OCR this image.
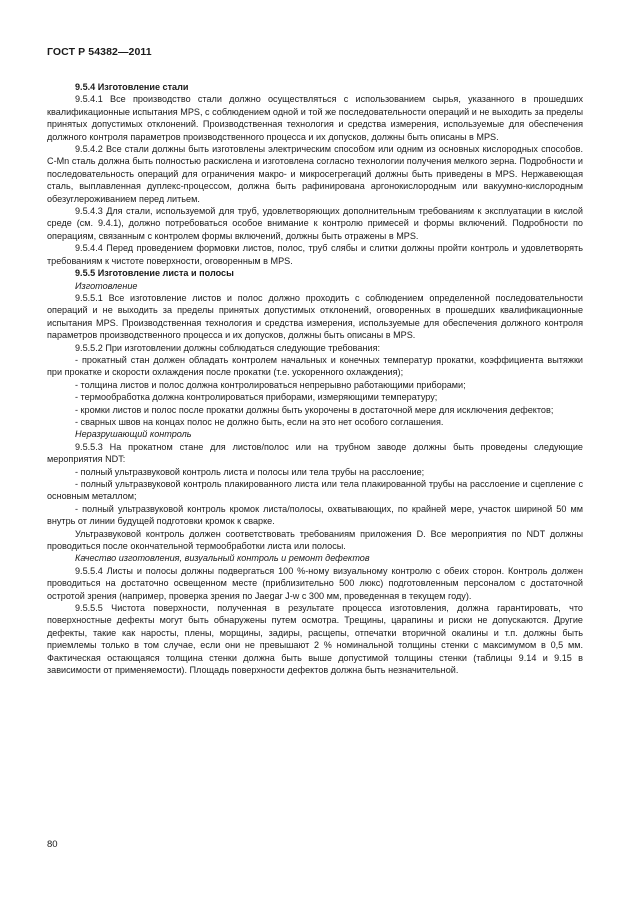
ГОСТ Р 54382—2011

9.5.4 Изготовление стали

9.5.4.1 Все производство стали должно осуществляться с использованием сырья, указанного в прошедших квалификационные испытания MPS, с соблюдением одной и той же последовательности операций и не выходить за пределы принятых допустимых отклонений. Производственная технология и средства измерения, используемые для обеспечения должного контроля параметров производственного процесса и их допусков, должны быть описаны в MPS.

9.5.4.2 Все стали должны быть изготовлены электрическим способом или одним из основных кислородных способов. C-Mn сталь должна быть полностью раскислена и изготовлена согласно технологии получения мелкого зерна. Подробности и последовательность операций для ограничения макро- и микросегрегаций должны быть приведены в MPS. Нержавеющая сталь, выплавленная дуплекс-процессом, должна быть рафинирована аргонокислородным или вакуумно-кислородным обезуглероживанием перед литьем.

9.5.4.3 Для стали, используемой для труб, удовлетворяющих дополнительным требованиям к эксплуатации в кислой среде (см. 9.4.1), должно потребоваться особое внимание к контролю примесей и формы включений. Подробности по операциям, связанным с контролем формы включений, должны быть отражены в MPS.

9.5.4.4 Перед проведением формовки листов, полос, труб слябы и слитки должны пройти контроль и удовлетворять требованиям к чистоте поверхности, оговоренным в MPS.

9.5.5 Изготовление листа и полосы

Изготовление

9.5.5.1 Все изготовление листов и полос должно проходить с соблюдением определенной последовательности операций и не выходить за пределы принятых допустимых отклонений, оговоренных в прошедших квалификационные испытания MPS. Производственная технология и средства измерения, используемые для обеспечения должного контроля параметров производственного процесса и их допусков, должны быть описаны в MPS.

9.5.5.2 При изготовлении должны соблюдаться следующие требования:

- прокатный стан должен обладать контролем начальных и конечных температур прокатки, коэффициента вытяжки при прокатке и скорости охлаждения после прокатки (т.е. ускоренного охлаждения);

- толщина листов и полос должна контролироваться непрерывно работающими приборами;

- термообработка должна контролироваться приборами, измеряющими температуру;

- кромки листов и полос после прокатки должны быть укорочены в достаточной мере для исключения дефектов;

- сварных швов на концах полос не должно быть, если на это нет особого соглашения.

Неразрушающий контроль

9.5.5.3 На прокатном стане для листов/полос или на трубном заводе должны быть проведены следующие мероприятия NDT:

- полный ультразвуковой контроль листа и полосы или тела трубы на расслоение;

- полный ультразвуковой контроль плакированного листа или тела плакированной трубы на расслоение и сцепление с основным металлом;

- полный ультразвуковой контроль кромок листа/полосы, охватывающих, по крайней мере, участок шириной 50 мм внутрь от линии будущей подготовки кромок к сварке.

Ультразвуковой контроль должен соответствовать требованиям приложения D. Все мероприятия по NDT должны проводиться после окончательной термообработки листа или полосы.

Качество изготовления, визуальный контроль и ремонт дефектов

9.5.5.4 Листы и полосы должны подвергаться 100 %-ному визуальному контролю с обеих сторон. Контроль должен проводиться на достаточно освещенном месте (приблизительно 500 люкс) подготовленным персоналом с достаточной остротой зрения (например, проверка зрения по Jaegar J-w с 300 мм, проведенная в текущем году).

9.5.5.5 Чистота поверхности, полученная в результате процесса изготовления, должна гарантировать, что поверхностные дефекты могут быть обнаружены путем осмотра. Трещины, царапины и риски не допускаются. Другие дефекты, такие как наросты, плены, морщины, задиры, расщепы, отпечатки вторичной окалины и т.п. должны быть приемлемы только в том случае, если они не превышают 2 % номинальной толщины стенки с максимумом в 0,5 мм. Фактическая остающаяся толщина стенки должна быть выше допустимой толщины стенки (таблицы 9.14 и 9.15 в зависимости от применяемости). Площадь поверхности дефектов должна быть незначительной.

80
